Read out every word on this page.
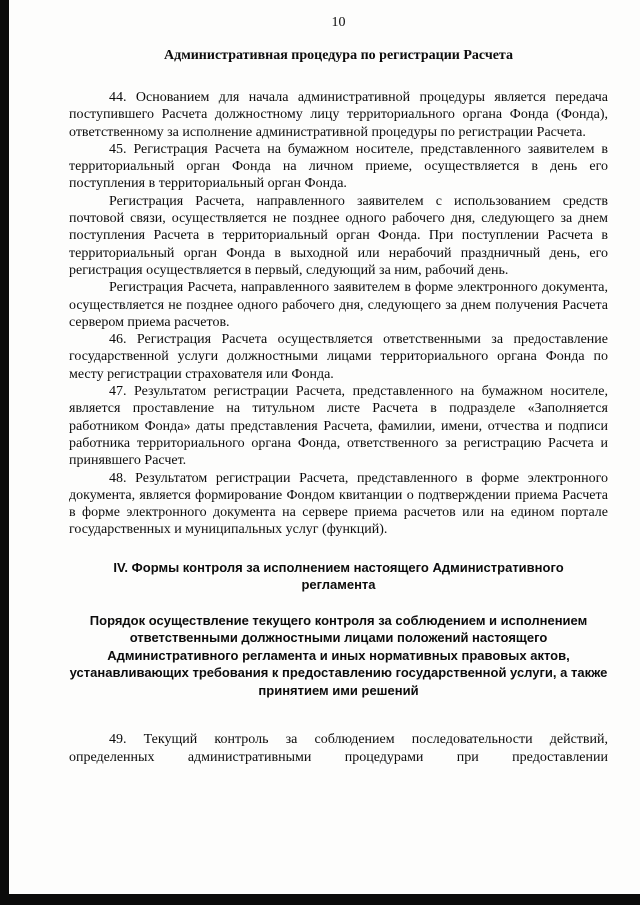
10
Административная процедура по регистрации Расчета

44. Основанием для начала административной процедуры является передача поступившего Расчета должностному лицу территориального органа Фонда (Фонда), ответственному за исполнение административной процедуры по регистрации Расчета.

45. Регистрация Расчета на бумажном носителе, представленного заявителем в территориальный орган Фонда на личном приеме, осуществляется в день его поступления в территориальный орган Фонда.

Регистрация Расчета, направленного заявителем с использованием средств почтовой связи, осуществляется не позднее одного рабочего дня, следующего за днем поступления Расчета в территориальный орган Фонда. При поступлении Расчета в территориальный орган Фонда в выходной или нерабочий праздничный день, его регистрация осуществляется в первый, следующий за ним, рабочий день.

Регистрация Расчета, направленного заявителем в форме электронного документа, осуществляется не позднее одного рабочего дня, следующего за днем получения Расчета сервером приема расчетов.

46. Регистрация Расчета осуществляется ответственными за предоставление государственной услуги должностными лицами территориального органа Фонда по месту регистрации страхователя или Фонда.

47. Результатом регистрации Расчета, представленного на бумажном носителе, является проставление на титульном листе Расчета в подразделе «Заполняется работником Фонда» даты представления Расчета, фамилии, имени, отчества и подписи работника территориального органа Фонда, ответственного за регистрацию Расчета и принявшего Расчет.

48. Результатом регистрации Расчета, представленного в форме электронного документа, является формирование Фондом квитанции о подтверждении приема Расчета в форме электронного документа на сервере приема расчетов или на едином портале государственных и муниципальных услуг (функций).

IV. Формы контроля за исполнением настоящего Административного регламента
Порядок осуществление текущего контроля за соблюдением и исполнением ответственными должностными лицами положений настоящего Административного регламента и иных нормативных правовых актов, устанавливающих требования к предоставлению государственной услуги, а также принятием ими решений

49. Текущий контроль за соблюдением последовательности действий, определенных административными процедурами при предоставлении
